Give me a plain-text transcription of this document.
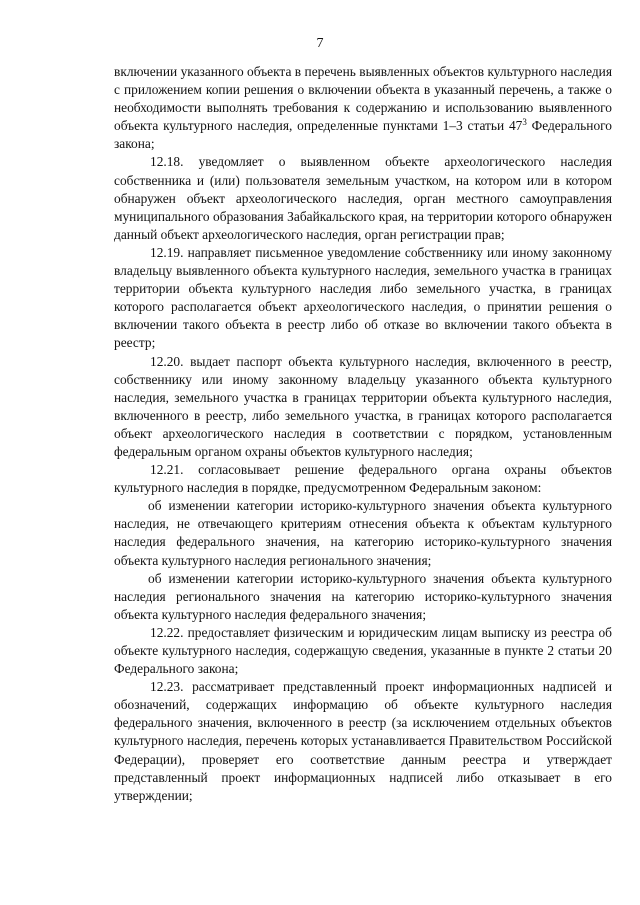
7

включении указанного объекта в перечень выявленных объектов культурного наследия с приложением копии решения о включении объекта в указанный перечень, а также о необходимости выполнять требования к содержанию и использованию выявленного объекта культурного наследия, определенные пунктами 1–3 статьи $47^3$ Федерального закона;

12.18. уведомляет о выявленном объекте археологического наследия собственника и (или) пользователя земельным участком, на котором или в котором обнаружен объект археологического наследия, орган местного самоуправления муниципального образования Забайкальского края, на территории которого обнаружен данный объект археологического наследия, орган регистрации прав;

12.19. направляет письменное уведомление собственнику или иному законному владельцу выявленного объекта культурного наследия, земельного участка в границах территории объекта культурного наследия либо земельного участка, в границах которого располагается объект археологического наследия, о принятии решения о включении такого объекта в реестр либо об отказе во включении такого объекта в реестр;

12.20. выдает паспорт объекта культурного наследия, включенного в реестр, собственнику или иному законному владельцу указанного объекта культурного наследия, земельного участка в границах территории объекта культурного наследия, включенного в реестр, либо земельного участка, в границах которого располагается объект археологического наследия в соответствии с порядком, установленным федеральным органом охраны объектов культурного наследия;

12.21. согласовывает решение федерального органа охраны объектов культурного наследия в порядке, предусмотренном Федеральным законом:

об изменении категории историко-культурного значения объекта культурного наследия, не отвечающего критериям отнесения объекта к объектам культурного наследия федерального значения, на категорию историко-культурного значения объекта культурного наследия регионального значения;

об изменении категории историко-культурного значения объекта культурного наследия регионального значения на категорию историко-культурного значения объекта культурного наследия федерального значения;

12.22. предоставляет физическим и юридическим лицам выписку из реестра об объекте культурного наследия, содержащую сведения, указанные в пункте 2 статьи 20 Федерального закона;

12.23. рассматривает представленный проект информационных надписей и обозначений, содержащих информацию об объекте культурного наследия федерального значения, включенного в реестр (за исключением отдельных объектов культурного наследия, перечень которых устанавливается Правительством Российской Федерации), проверяет его соответствие данным реестра и утверждает представленный проект информационных надписей либо отказывает в его утверждении;
